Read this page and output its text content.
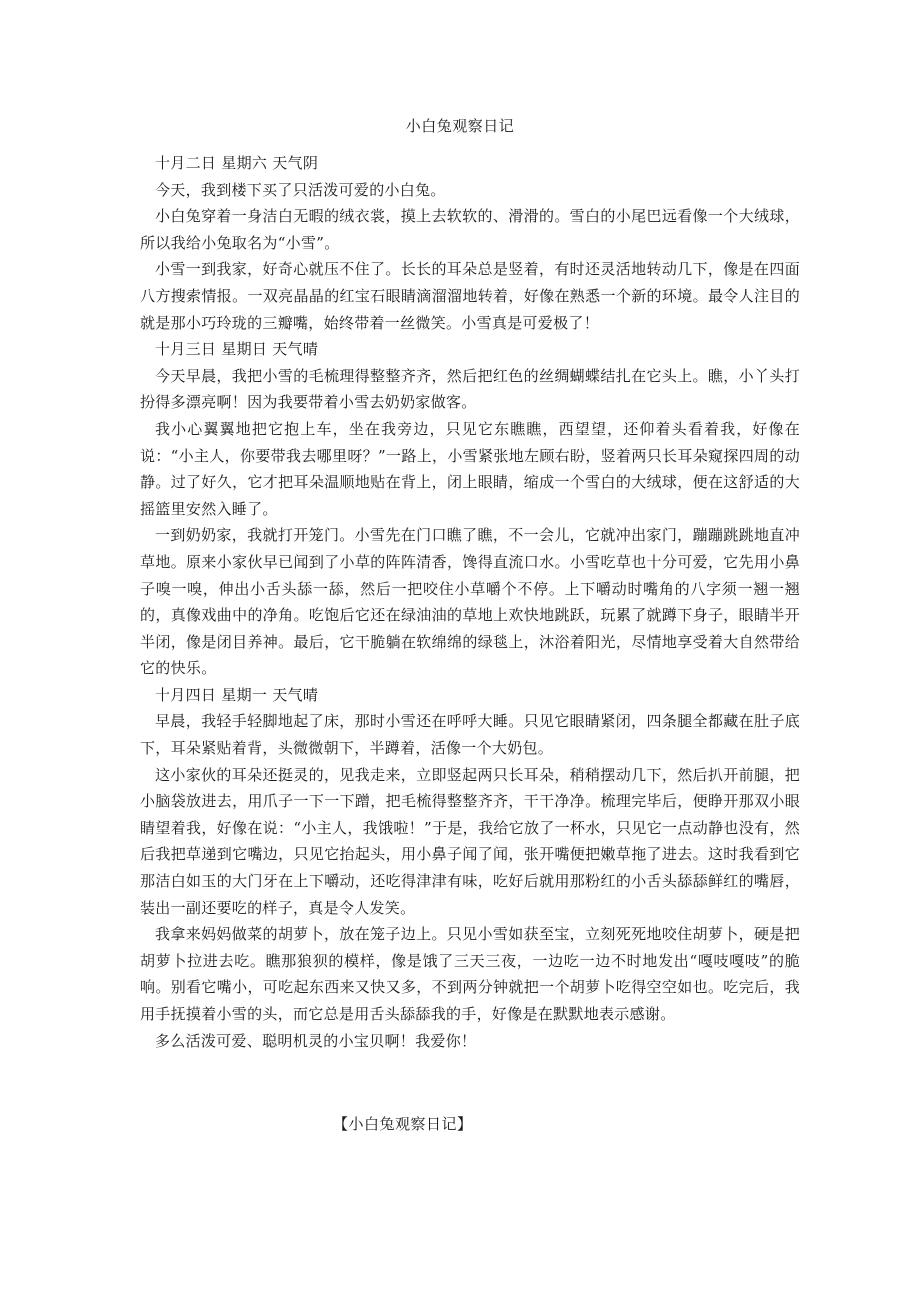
小白兔观察日记

十月二日 星期六 天气阴

今天，我到楼下买了只活泼可爱的小白兔。

小白兔穿着一身洁白无暇的绒衣裳，摸上去软软的、滑滑的。雪白的小尾巴远看像一个大绒球，所以我给小兔取名为“小雪”。

小雪一到我家，好奇心就压不住了。长长的耳朵总是竖着，有时还灵活地转动几下，像是在四面八方搜索情报。一双亮晶晶的红宝石眼睛滴溜溜地转着，好像在熟悉一个新的环境。最令人注目的就是那小巧玲珑的三瓣嘴，始终带着一丝微笑。小雪真是可爱极了！

十月三日 星期日 天气晴

今天早晨，我把小雪的毛梳理得整整齐齐，然后把红色的丝绸蝴蝶结扎在它头上。瞧，小丫头打扮得多漂亮啊！因为我要带着小雪去奶奶家做客。

我小心翼翼地把它抱上车，坐在我旁边，只见它东瞧瞧，西望望，还仰着头看着我，好像在说：“小主人，你要带我去哪里呀？”一路上，小雪紧张地左顾右盼，竖着两只长耳朵窥探四周的动静。过了好久，它才把耳朵温顺地贴在背上，闭上眼睛，缩成一个雪白的大绒球，便在这舒适的大摇篮里安然入睡了。

一到奶奶家，我就打开笼门。小雪先在门口瞧了瞧，不一会儿，它就冲出家门，蹦蹦跳跳地直冲草地。原来小家伙早已闻到了小草的阵阵清香，馋得直流口水。小雪吃草也十分可爱，它先用小鼻子嗅一嗅，伸出小舌头舔一舔，然后一把咬住小草嚼个不停。上下嚼动时嘴角的八字须一翘一翘的，真像戏曲中的净角。吃饱后它还在绿油油的草地上欢快地跳跃，玩累了就蹲下身子，眼睛半开半闭，像是闭目养神。最后，它干脆躺在软绵绵的绿毯上，沐浴着阳光，尽情地享受着大自然带给它的快乐。

十月四日 星期一 天气晴

早晨，我轻手轻脚地起了床，那时小雪还在呼呼大睡。只见它眼睛紧闭，四条腿全都藏在肚子底下，耳朵紧贴着背，头微微朝下，半蹲着，活像一个大奶包。

这小家伙的耳朵还挺灵的，见我走来，立即竖起两只长耳朵，稍稍摆动几下，然后扒开前腿，把小脑袋放进去，用爪子一下一下蹭，把毛梳得整整齐齐，干干净净。梳理完毕后，便睁开那双小眼睛望着我，好像在说：“小主人，我饿啦！”于是，我给它放了一杯水，只见它一点动静也没有，然后我把草递到它嘴边，只见它抬起头，用小鼻子闻了闻，张开嘴便把嫩草拖了进去。这时我看到它那洁白如玉的大门牙在上下嚼动，还吃得津津有味，吃好后就用那粉红的小舌头舔舔鲜红的嘴唇，装出一副还要吃的样子，真是令人发笑。

我拿来妈妈做菜的胡萝卜，放在笼子边上。只见小雪如获至宝，立刻死死地咬住胡萝卜，硬是把胡萝卜拉进去吃。瞧那狼狈的模样，像是饿了三天三夜，一边吃一边不时地发出“嘎吱嘎吱”的脆响。别看它嘴小，可吃起东西来又快又多，不到两分钟就把一个胡萝卜吃得空空如也。吃完后，我用手抚摸着小雪的头，而它总是用舌头舔舔我的手，好像是在默默地表示感谢。

多么活泼可爱、聪明机灵的小宝贝啊！我爱你！

【小白兔观察日记】
